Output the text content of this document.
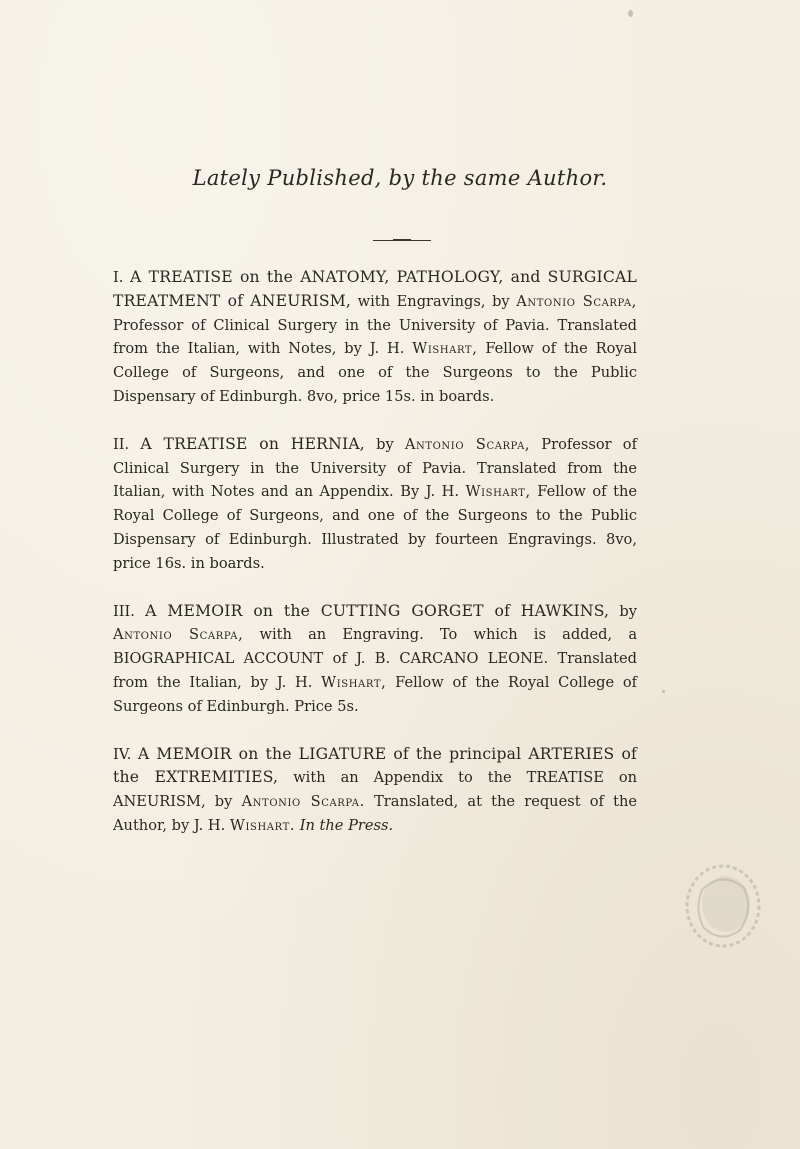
Lately Published, by the same Author.

I. A TREATISE on the ANATOMY, PATHOLOGY, and SURGICAL TREATMENT of ANEURISM, with Engravings, by Antonio Scarpa, Professor of Clinical Surgery in the University of Pavia. Translated from the Italian, with Notes, by J. H. Wishart, Fellow of the Royal College of Surgeons, and one of the Surgeons to the Public Dispensary of Edinburgh. 8vo, price 15s. in boards.

II. A TREATISE on HERNIA, by Antonio Scarpa, Professor of Clinical Surgery in the University of Pavia. Translated from the Italian, with Notes and an Appendix. By J. H. Wishart, Fellow of the Royal College of Surgeons, and one of the Surgeons to the Public Dispensary of Edinburgh. Illustrated by fourteen Engravings. 8vo, price 16s. in boards.

III. A MEMOIR on the CUTTING GORGET of HAWKINS, by Antonio Scarpa, with an Engraving. To which is added, a BIOGRAPHICAL ACCOUNT of J. B. CARCANO LEONE. Translated from the Italian, by J. H. Wishart, Fellow of the Royal College of Surgeons of Edinburgh. Price 5s.

IV. A MEMOIR on the LIGATURE of the principal ARTERIES of the EXTREMITIES, with an Appendix to the TREATISE on ANEURISM, by Antonio Scarpa. Translated, at the request of the Author, by J. H. Wishart. In the Press.
